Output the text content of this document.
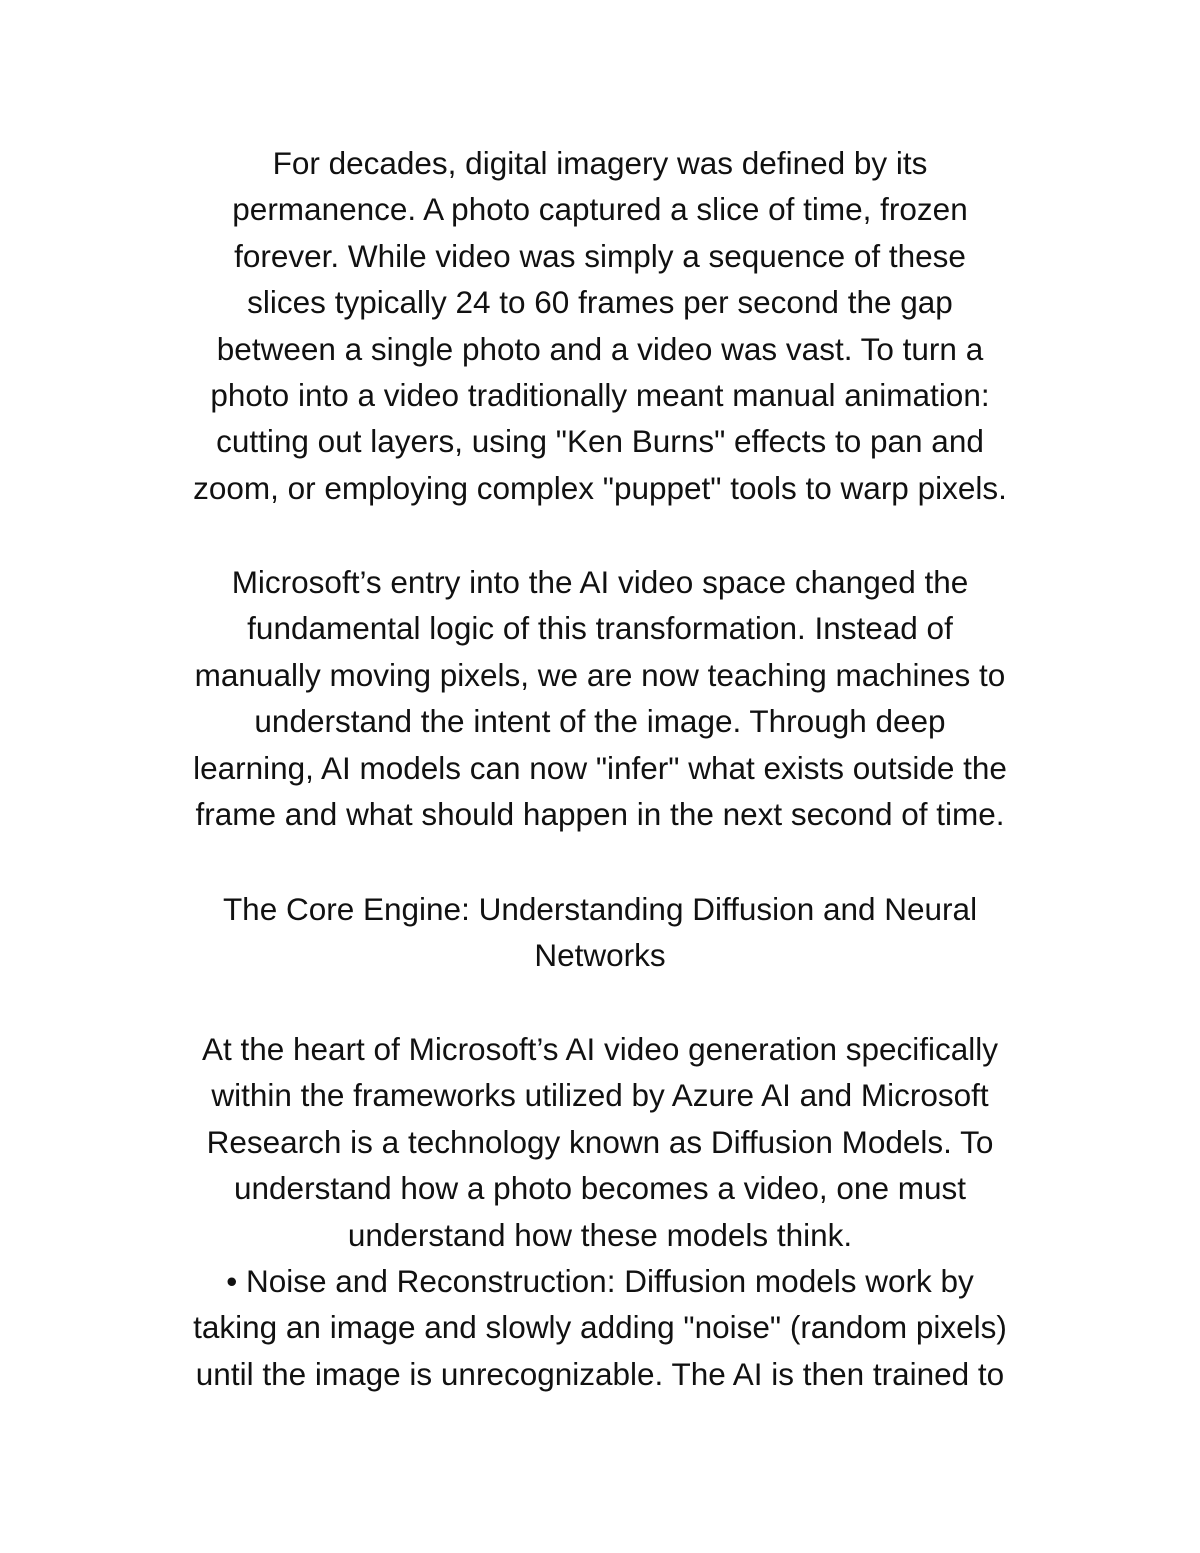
For decades, digital imagery was defined by its
permanence. A photo captured a slice of time, frozen
forever. While video was simply a sequence of these
slices typically 24 to 60 frames per second the gap
between a single photo and a video was vast. To turn a
photo into a video traditionally meant manual animation:
cutting out layers, using "Ken Burns" effects to pan and
zoom, or employing complex "puppet" tools to warp pixels.

Microsoft’s entry into the AI video space changed the
fundamental logic of this transformation. Instead of
manually moving pixels, we are now teaching machines to
understand the intent of the image. Through deep
learning, AI models can now "infer" what exists outside the
frame and what should happen in the next second of time.

The Core Engine: Understanding Diffusion and Neural
Networks

At the heart of Microsoft’s AI video generation specifically
within the frameworks utilized by Azure AI and Microsoft
Research is a technology known as Diffusion Models. To
understand how a photo becomes a video, one must
understand how these models think.
• Noise and Reconstruction: Diffusion models work by
taking an image and slowly adding "noise" (random pixels)
until the image is unrecognizable. The AI is then trained to
